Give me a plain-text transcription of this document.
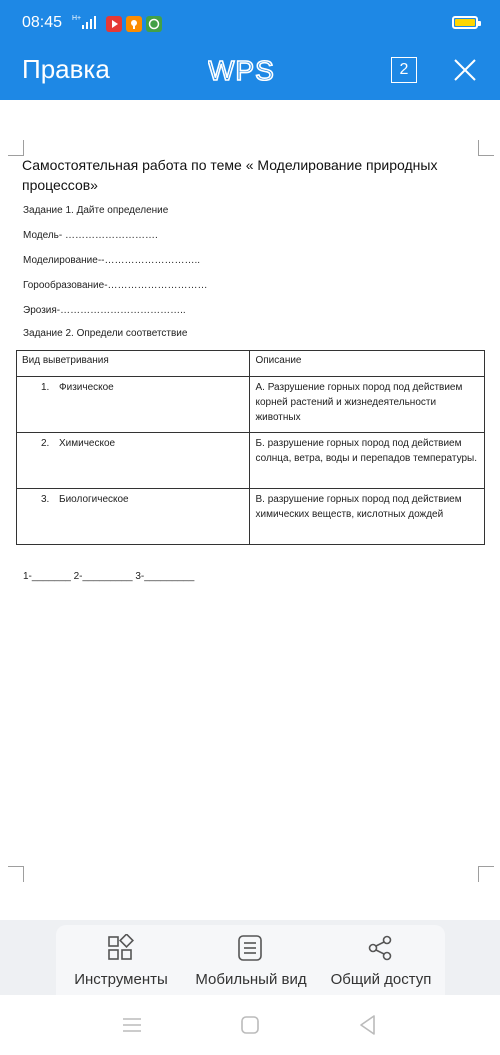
08:45 H+
Правка	WPS	2
Самостоятельная работа по теме « Моделирование природных процессов»
Задание 1. Дайте определение
Модель- ……………………….
Моделирование--………………………..
Горообразование-…………………………
Эрозия-………………………………..
Задание 2. Определи соответствие
Вид выветривания	Описание
1. Физическое	А. Разрушение горных пород под действием корней растений и жизнедеятельности животных
2. Химическое	Б. разрушение горных пород под действием солнца, ветра, воды и перепадов температуры.
3. Биологическое	В. разрушение горных пород под действием химических веществ, кислотных дождей
1-_______ 2-_________ 3-_________
Инструменты	Мобильный вид	Общий доступ
